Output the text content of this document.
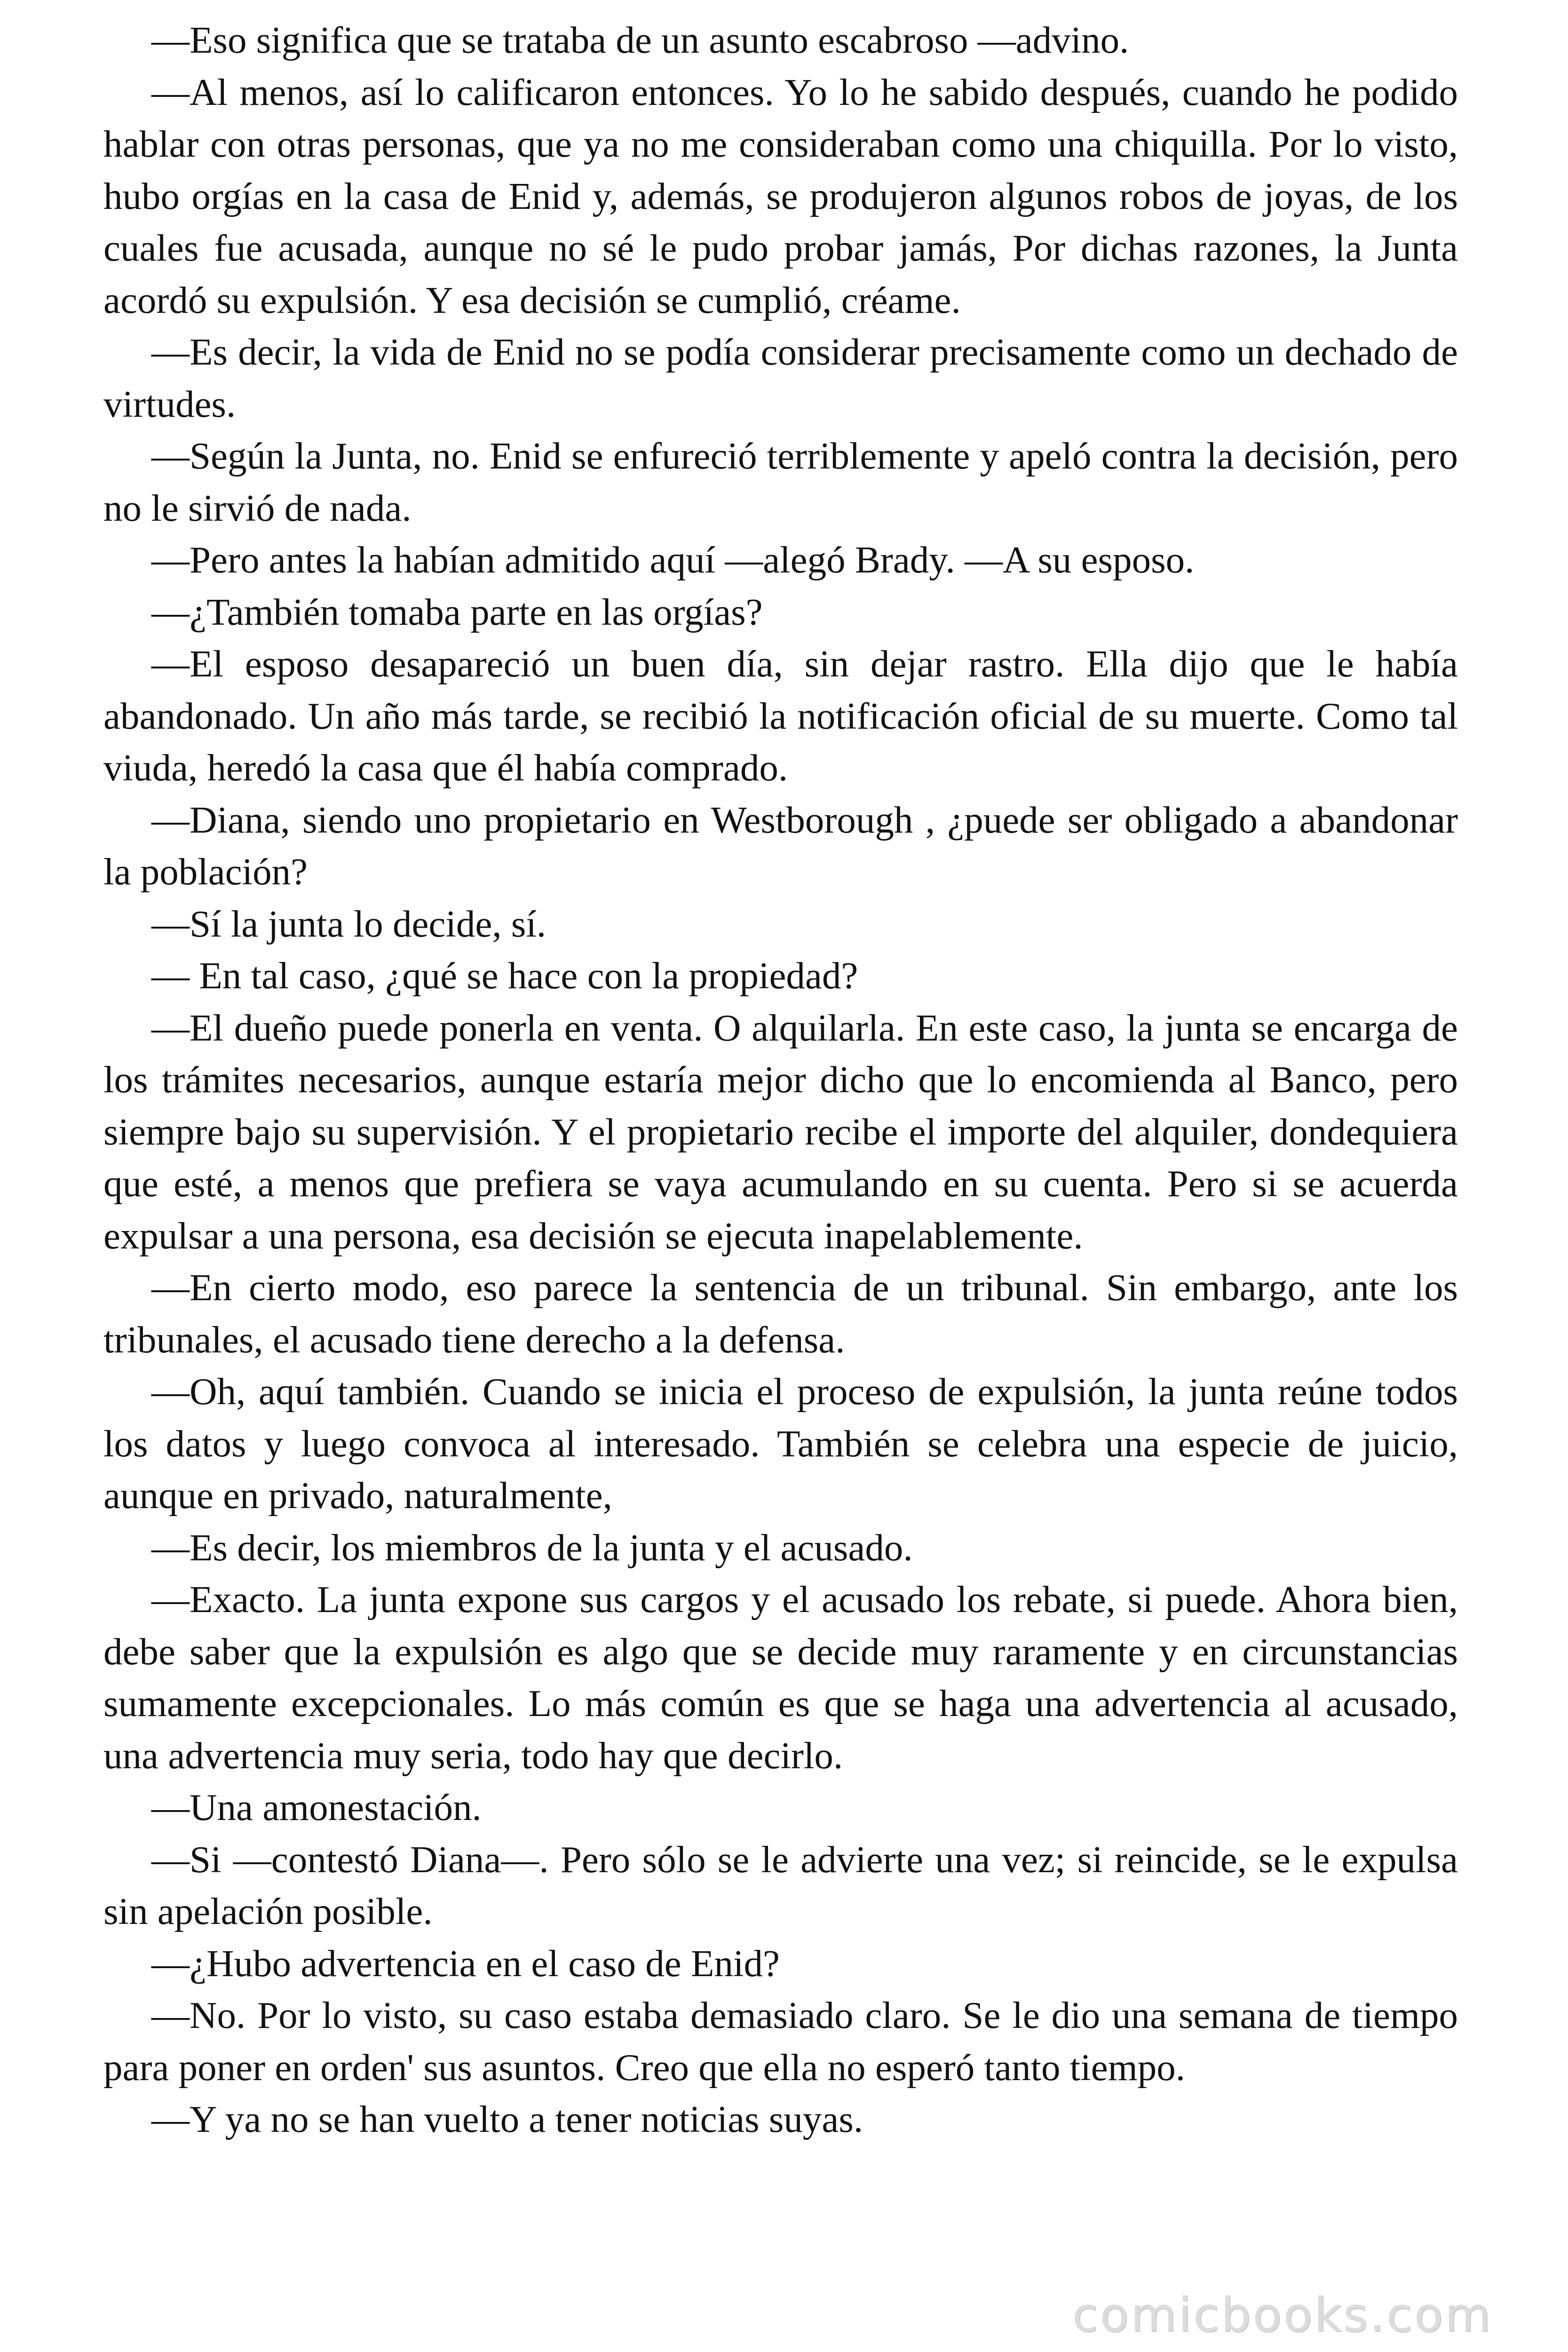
—Eso significa que se trataba de un asunto escabroso —advino.

—Al menos, así lo calificaron entonces. Yo lo he sabido después, cuando he podido hablar con otras personas, que ya no me consideraban como una chiquilla. Por lo visto, hubo orgías en la casa de Enid y, además, se produjeron algunos robos de joyas, de los cuales fue acusada, aunque no sé le pudo probar jamás, Por dichas razones, la Junta acordó su expulsión. Y esa decisión se cumplió, créame.

—Es decir, la vida de Enid no se podía considerar precisamente como un dechado de virtudes.

—Según la Junta, no. Enid se enfureció terriblemente y apeló contra la decisión, pero no le sirvió de nada.

—Pero antes la habían admitido aquí —alegó Brady. —A su esposo.

—¿También tomaba parte en las orgías?

—El esposo desapareció un buen día, sin dejar rastro. Ella dijo que le había abandonado. Un año más tarde, se recibió la notificación oficial de su muerte. Como tal viuda, heredó la casa que él había comprado.

—Diana, siendo uno propietario en Westborough , ¿puede ser obligado a abandonar la población?

—Sí la junta lo decide, sí.

— En tal caso, ¿qué se hace con la propiedad?

—El dueño puede ponerla en venta. O alquilarla. En este caso, la junta se encarga de los trámites necesarios, aunque estaría mejor dicho que lo encomienda al Banco, pero siempre bajo su supervisión. Y el propietario recibe el importe del alquiler, dondequiera que esté, a menos que prefiera se vaya acumulando en su cuenta. Pero si se acuerda expulsar a una persona, esa decisión se ejecuta inapelablemente.

—En cierto modo, eso parece la sentencia de un tribunal. Sin embargo, ante los tribunales, el acusado tiene derecho a la defensa.

—Oh, aquí también. Cuando se inicia el proceso de expulsión, la junta reúne todos los datos y luego convoca al interesado. También se celebra una especie de juicio, aunque en privado, naturalmente,

—Es decir, los miembros de la junta y el acusado.

—Exacto. La junta expone sus cargos y el acusado los rebate, si puede. Ahora bien, debe saber que la expulsión es algo que se decide muy raramente y en circunstancias sumamente excepcionales. Lo más común es que se haga una advertencia al acusado, una advertencia muy seria, todo hay que decirlo.

—Una amonestación.

—Si —contestó Diana—. Pero sólo se le advierte una vez; si reincide, se le expulsa sin apelación posible.

—¿Hubo advertencia en el caso de Enid?

—No. Por lo visto, su caso estaba demasiado claro. Se le dio una semana de tiempo para poner en orden' sus asuntos. Creo que ella no esperó tanto tiempo.

—Y ya no se han vuelto a tener noticias suyas.

comicbooks.com
